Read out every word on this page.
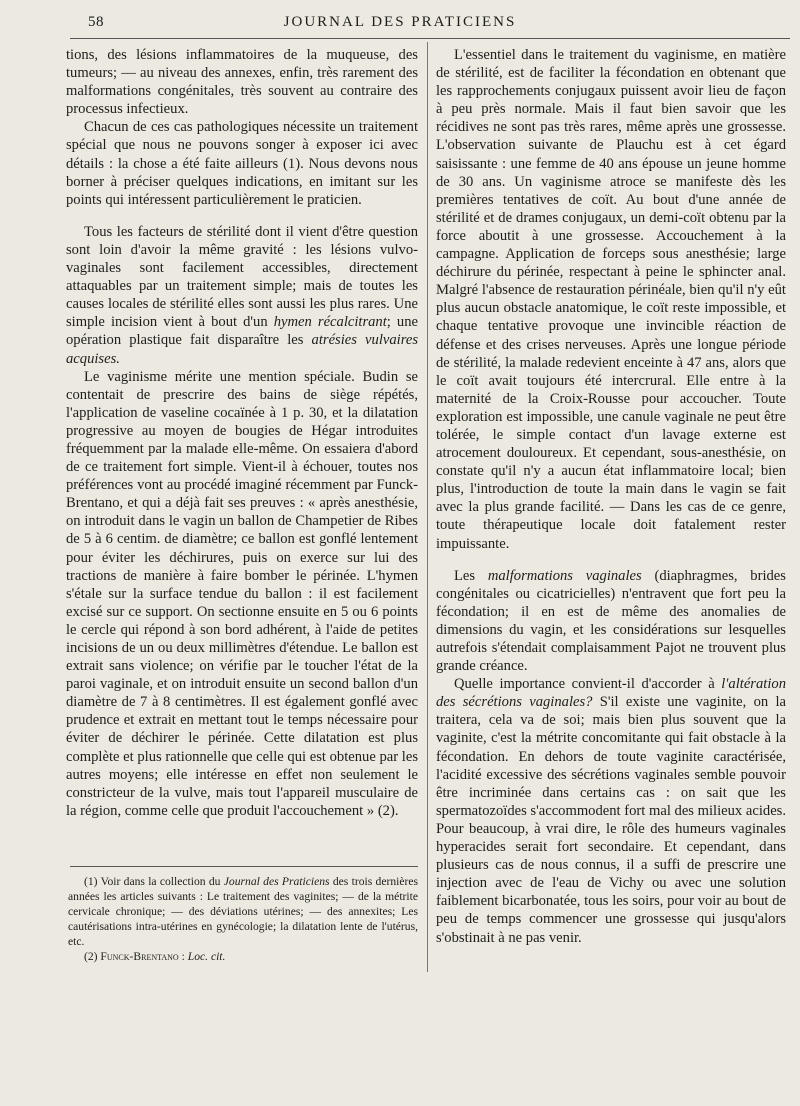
58	JOURNAL DES PRATICIENS

tions, des lésions inflammatoires de la muqueuse, des tumeurs; — au niveau des annexes, enfin, très rarement des malformations congénitales, très souvent au contraire des processus infectieux.

Chacun de ces cas pathologiques nécessite un traitement spécial que nous ne pouvons songer à exposer ici avec détails : la chose a été faite ailleurs (1). Nous devons nous borner à préciser quelques indications, en imitant sur les points qui intéressent particulièrement le praticien.

Tous les facteurs de stérilité dont il vient d'être question sont loin d'avoir la même gravité : les lésions vulvo-vaginales sont facilement accessibles, directement attaquables par un traitement simple; mais de toutes les causes locales de stérilité elles sont aussi les plus rares. Une simple incision vient à bout d'un hymen récalcitrant; une opération plastique fait disparaître les atrésies vulvaires acquises.

Le vaginisme mérite une mention spéciale. Budin se contentait de prescrire des bains de siège répétés, l'application de vaseline cocaïnée à 1 p. 30, et la dilatation progressive au moyen de bougies de Hégar introduites fréquemment par la malade elle-même. On essaiera d'abord de ce traitement fort simple. Vient-il à échouer, toutes nos préférences vont au procédé imaginé récemment par Funck-Brentano, et qui a déjà fait ses preuves : « après anesthésie, on introduit dans le vagin un ballon de Champetier de Ribes de 5 à 6 centim. de diamètre; ce ballon est gonflé lentement pour éviter les déchirures, puis on exerce sur lui des tractions de manière à faire bomber le périnée. L'hymen s'étale sur la surface tendue du ballon : il est facilement excisé sur ce support. On sectionne ensuite en 5 ou 6 points le cercle qui répond à son bord adhérent, à l'aide de petites incisions de un ou deux millimètres d'étendue. Le ballon est extrait sans violence; on vérifie par le toucher l'état de la paroi vaginale, et on introduit ensuite un second ballon d'un diamètre de 7 à 8 centimètres. Il est également gonflé avec prudence et extrait en mettant tout le temps nécessaire pour éviter de déchirer le périnée. Cette dilatation est plus complète et plus rationnelle que celle qui est obtenue par les autres moyens; elle intéresse en effet non seulement le constricteur de la vulve, mais tout l'appareil musculaire de la région, comme celle que produit l'accouchement » (2).

L'essentiel dans le traitement du vaginisme, en matière de stérilité, est de faciliter la fécondation en obtenant que les rapprochements conjugaux puissent avoir lieu de façon à peu près normale. Mais il faut bien savoir que les récidives ne sont pas très rares, même après une grossesse. L'observation suivante de Plauchu est à cet égard saisissante : une femme de 40 ans épouse un jeune homme de 30 ans. Un vaginisme atroce se manifeste dès les premières tentatives de coït. Au bout d'une année de stérilité et de drames conjugaux, un demi-coït obtenu par la force aboutit à une grossesse. Accouchement à la campagne. Application de forceps sous anesthésie; large déchirure du périnée, respectant à peine le sphincter anal. Malgré l'absence de restauration périnéale, bien qu'il n'y eût plus aucun obstacle anatomique, le coït reste impossible, et chaque tentative provoque une invincible réaction de défense et des crises nerveuses. Après une longue période de stérilité, la malade redevient enceinte à 47 ans, alors que le coït avait toujours été intercrural. Elle entre à la maternité de la Croix-Rousse pour accoucher. Toute exploration est impossible, une canule vaginale ne peut être tolérée, le simple contact d'un lavage externe est atrocement douloureux. Et cependant, sous-anesthésie, on constate qu'il n'y a aucun état inflammatoire local; bien plus, l'introduction de toute la main dans le vagin se fait avec la plus grande facilité. — Dans les cas de ce genre, toute thérapeutique locale doit fatalement rester impuissante.

Les malformations vaginales (diaphragmes, brides congénitales ou cicatricielles) n'entravent que fort peu la fécondation; il en est de même des anomalies de dimensions du vagin, et les considérations sur lesquelles autrefois s'étendait complaisamment Pajot ne trouvent plus grande créance.

Quelle importance convient-il d'accorder à l'altération des sécrétions vaginales? S'il existe une vaginite, on la traitera, cela va de soi; mais bien plus souvent que la vaginite, c'est la métrite concomitante qui fait obstacle à la fécondation. En dehors de toute vaginite caractérisée, l'acidité excessive des sécrétions vaginales semble pouvoir être incriminée dans certains cas : on sait que les spermatozoïdes s'accommodent fort mal des milieux acides. Pour beaucoup, à vrai dire, le rôle des humeurs vaginales hyperacides serait fort secondaire. Et cependant, dans plusieurs cas de nous connus, il a suffi de prescrire une injection avec de l'eau de Vichy ou avec une solution faiblement bicarbonatée, tous les soirs, pour voir au bout de peu de temps commencer une grossesse qui jusqu'alors s'obstinait à ne pas venir.

(1) Voir dans la collection du Journal des Praticiens des trois dernières années les articles suivants : Le traitement des vaginites; — de la métrite cervicale chronique; — des déviations utérines; — des annexites; Les cautérisations intra-utérines en gynécologie; la dilatation lente de l'utérus, etc.

(2) Funck-Brentano : Loc. cit.
